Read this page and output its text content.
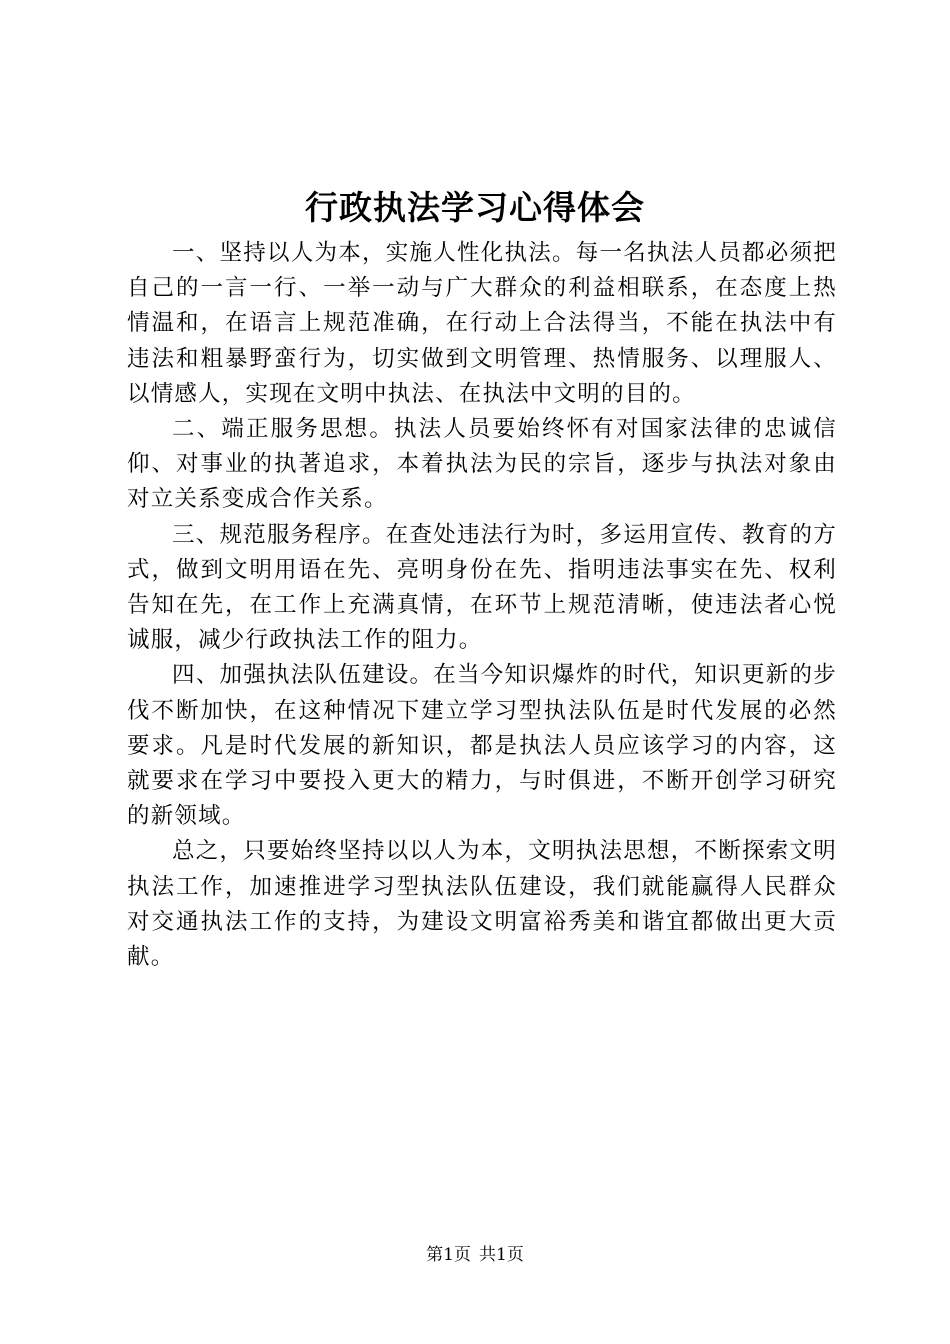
行政执法学习心得体会

一、坚持以人为本，实施人性化执法。每一名执法人员都必须把自己的一言一行、一举一动与广大群众的利益相联系，在态度上热情温和，在语言上规范准确，在行动上合法得当，不能在执法中有违法和粗暴野蛮行为，切实做到文明管理、热情服务、以理服人、以情感人，实现在文明中执法、在执法中文明的目的。

二、端正服务思想。执法人员要始终怀有对国家法律的忠诚信仰、对事业的执著追求，本着执法为民的宗旨，逐步与执法对象由对立关系变成合作关系。

三、规范服务程序。在查处违法行为时，多运用宣传、教育的方式，做到文明用语在先、亮明身份在先、指明违法事实在先、权利告知在先，在工作上充满真情，在环节上规范清晰，使违法者心悦诚服，减少行政执法工作的阻力。

四、加强执法队伍建设。在当今知识爆炸的时代，知识更新的步伐不断加快，在这种情况下建立学习型执法队伍是时代发展的必然要求。凡是时代发展的新知识，都是执法人员应该学习的内容，这就要求在学习中要投入更大的精力，与时俱进，不断开创学习研究的新领域。

总之，只要始终坚持以以人为本，文明执法思想，不断探索文明执法工作，加速推进学习型执法队伍建设，我们就能赢得人民群众对交通执法工作的支持，为建设文明富裕秀美和谐宜都做出更大贡献。

第1页 共1页
